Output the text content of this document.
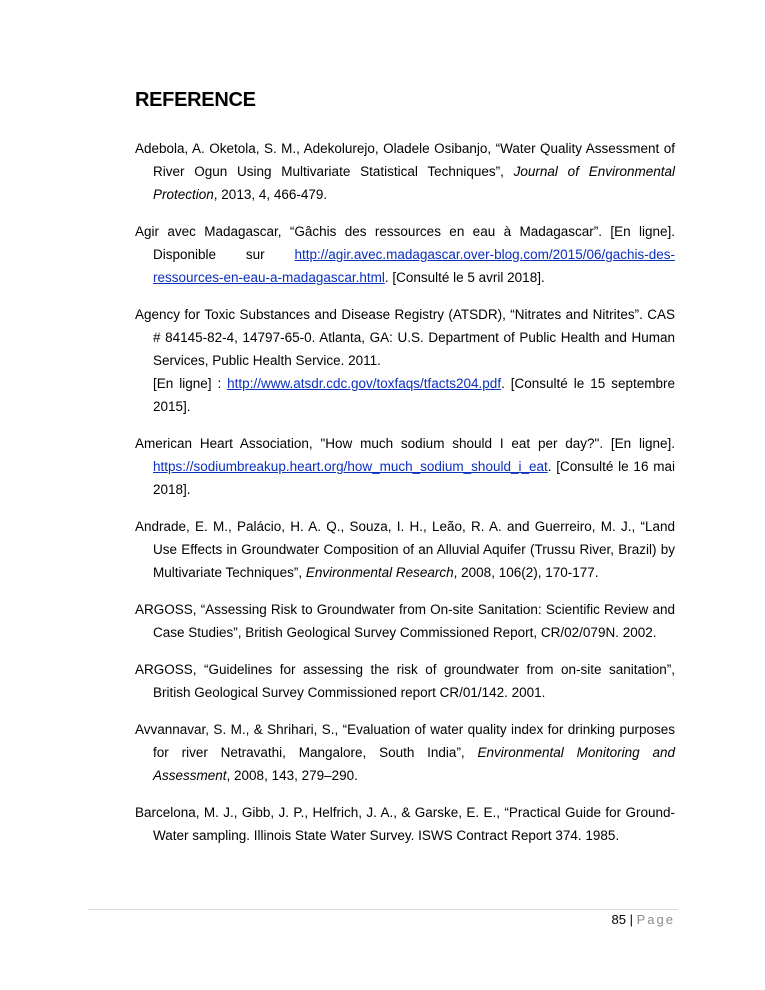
REFERENCE

Adebola, A. Oketola, S. M., Adekolurejo, Oladele Osibanjo, “Water Quality Assessment of River Ogun Using Multivariate Statistical Techniques”, Journal of Environmental Protection, 2013, 4, 466-479.

Agir avec Madagascar, “Gâchis des ressources en eau à Madagascar”. [En ligne]. Disponible sur http://agir.avec.madagascar.over-blog.com/2015/06/gachis-des-ressources-en-eau-a-madagascar.html. [Consulté le 5 avril 2018].

Agency for Toxic Substances and Disease Registry (ATSDR), “Nitrates and Nitrites”. CAS # 84145-82-4, 14797-65-0. Atlanta, GA: U.S. Department of Public Health and Human Services, Public Health Service. 2011.
[En ligne] : http://www.atsdr.cdc.gov/toxfaqs/tfacts204.pdf. [Consulté le 15 septembre 2015].

American Heart Association, "How much sodium should I eat per day?". [En ligne]. https://sodiumbreakup.heart.org/how_much_sodium_should_i_eat. [Consulté le 16 mai 2018].

Andrade, E. M., Palácio, H. A. Q., Souza, I. H., Leão, R. A. and Guerreiro, M. J., “Land Use Effects in Groundwater Composition of an Alluvial Aquifer (Trussu River, Brazil) by Multivariate Techniques”, Environmental Research, 2008, 106(2), 170-177.

ARGOSS, “Assessing Risk to Groundwater from On-site Sanitation: Scientific Review and Case Studies”, British Geological Survey Commissioned Report, CR/02/079N. 2002.

ARGOSS, “Guidelines for assessing the risk of groundwater from on-site sanitation”, British Geological Survey Commissioned report CR/01/142. 2001.

Avvannavar, S. M., & Shrihari, S., “Evaluation of water quality index for drinking purposes for river Netravathi, Mangalore, South India”, Environmental Monitoring and Assessment, 2008, 143, 279–290.

Barcelona, M. J., Gibb, J. P., Helfrich, J. A., & Garske, E. E., “Practical Guide for Ground-Water sampling. Illinois State Water Survey. ISWS Contract Report 374. 1985.

85 | Page
